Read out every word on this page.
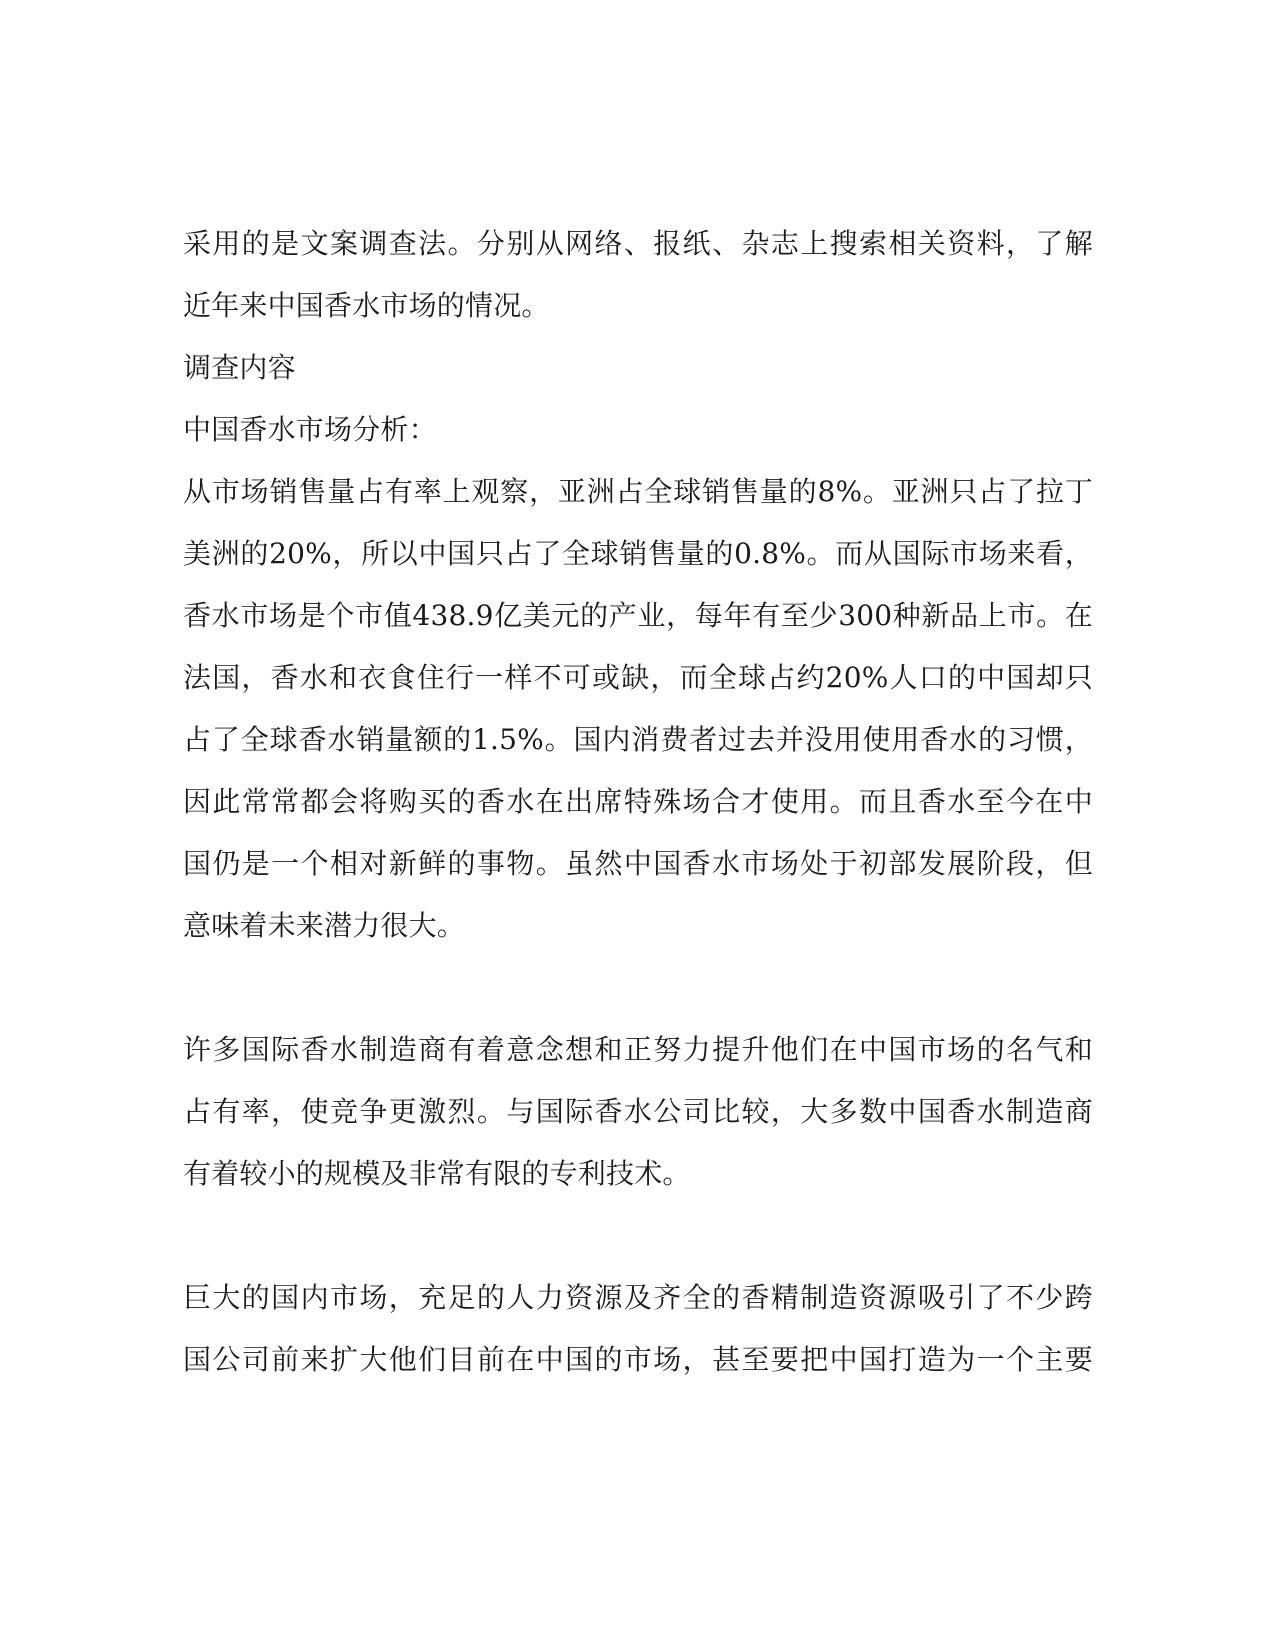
采用的是文案调查法。分别从网络、报纸、杂志上搜索相关资料，了解
近年来中国香水市场的情况。
调查内容
中国香水市场分析：
从市场销售量占有率上观察，亚洲占全球销售量的8%。亚洲只占了拉丁
美洲的20%，所以中国只占了全球销售量的0.8%。而从国际市场来看，
香水市场是个市值438.9亿美元的产业，每年有至少300种新品上市。在
法国，香水和衣食住行一样不可或缺，而全球占约20%人口的中国却只
占了全球香水销量额的1.5%。国内消费者过去并没用使用香水的习惯，
因此常常都会将购买的香水在出席特殊场合才使用。而且香水至今在中
国仍是一个相对新鲜的事物。虽然中国香水市场处于初部发展阶段，但
意味着未来潜力很大。
许多国际香水制造商有着意念想和正努力提升他们在中国市场的名气和
占有率，使竞争更激烈。与国际香水公司比较，大多数中国香水制造商
有着较小的规模及非常有限的专利技术。
巨大的国内市场，充足的人力资源及齐全的香精制造资源吸引了不少跨
国公司前来扩大他们目前在中国的市场，甚至要把中国打造为一个主要
